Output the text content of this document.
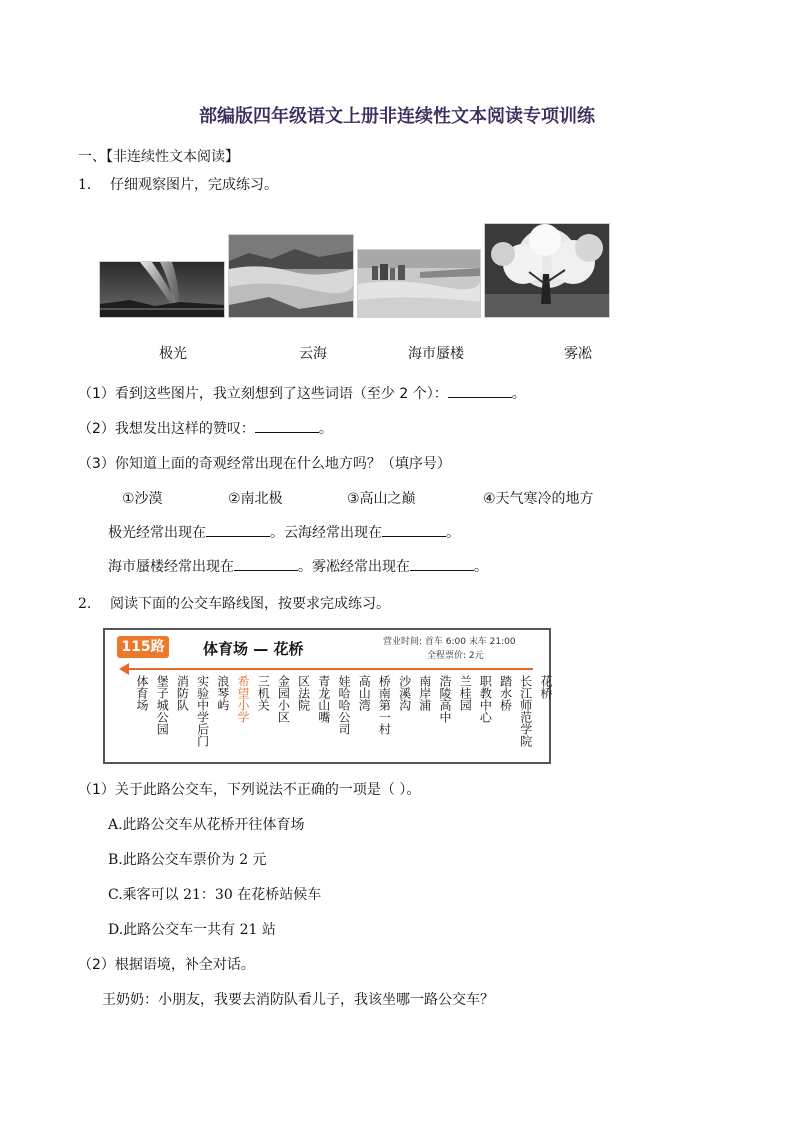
部编版四年级语文上册非连续性文本阅读专项训练
一、【非连续性文本阅读】
1. 仔细观察图片，完成练习。
极光	云海	海市蜃楼	雾凇
（1）看到这些图片，我立刻想到了这些词语（至少 2 个）：	。
（2）我想发出这样的赞叹：	。
（3）你知道上面的奇观经常出现在什么地方吗？（填序号）
①沙漠	②南北极	③高山之巅	④天气寒冷的地方
极光经常出现在	。云海经常出现在	。
海市蜃楼经常出现在	。雾凇经常出现在	。
2. 阅读下面的公交车路线图，按要求完成练习。
115路	体育场 — 花桥	营业时间: 首车 6:00 末车 21:00
全程票价: 2元
体育场 堡子城公园 消防队 实验中学后门 浪琴屿 希望小学 三机关 金园小区 区法院 青龙山嘴 娃哈哈公司 高山湾 桥南第一村 沙溪沟 南岸浦 浩陵高中 兰桂园 职教中心 踏水桥 长江师范学院 花桥
（1）关于此路公交车，下列说法不正确的一项是（ ）。
A.此路公交车从花桥开往体育场
B.此路公交车票价为 2 元
C.乘客可以 21：30 在花桥站候车
D.此路公交车一共有 21 站
（2）根据语境，补全对话。
王奶奶：小朋友，我要去消防队看儿子，我该坐哪一路公交车？
